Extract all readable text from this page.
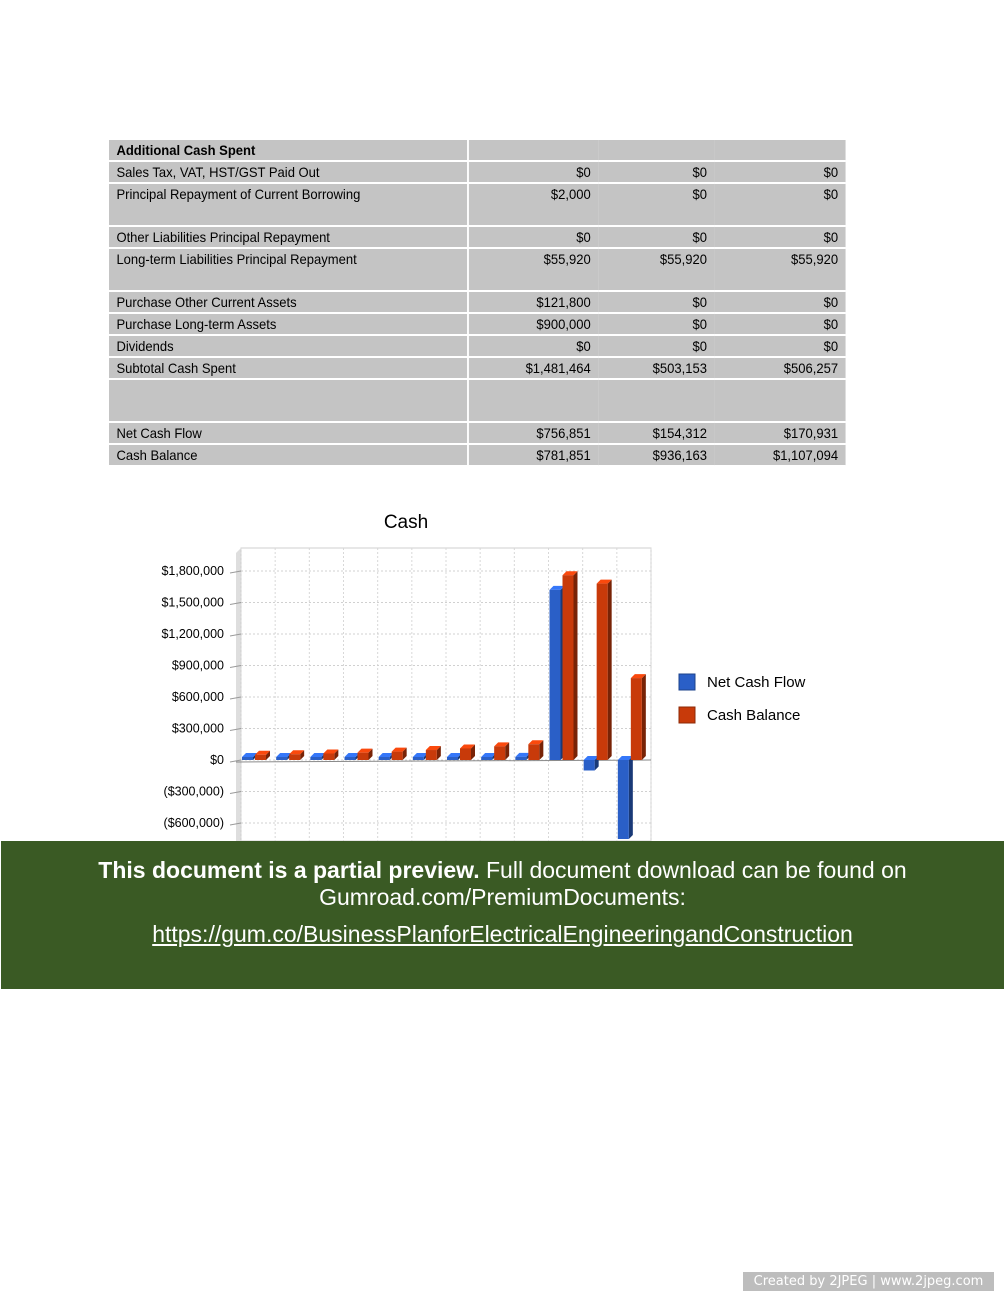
Additional Cash Spent			
Sales Tax, VAT, HST/GST Paid Out	$0	$0	$0
Principal Repayment of Current Borrowing	$2,000	$0	$0
Other Liabilities Principal Repayment	$0	$0	$0
Long-term Liabilities Principal Repayment	$55,920	$55,920	$55,920
Purchase Other Current Assets	$121,800	$0	$0
Purchase Long-term Assets	$900,000	$0	$0
Dividends	$0	$0	$0
Subtotal Cash Spent	$1,481,464	$503,153	$506,257

Net Cash Flow	$756,851	$154,312	$170,931
Cash Balance	$781,851	$936,163	$1,107,094
Cash
$1,800,000
$1,500,000
$1,200,000
$900,000
$600,000
$300,000
$0
($300,000)
($600,000)
Net Cash Flow
Cash Balance
This document is a partial preview. Full document download can be found on
Gumroad.com/PremiumDocuments:
https://gum.co/BusinessPlanforElectricalEngineeringandConstruction
Created by 2JPEG | www.2jpeg.com
